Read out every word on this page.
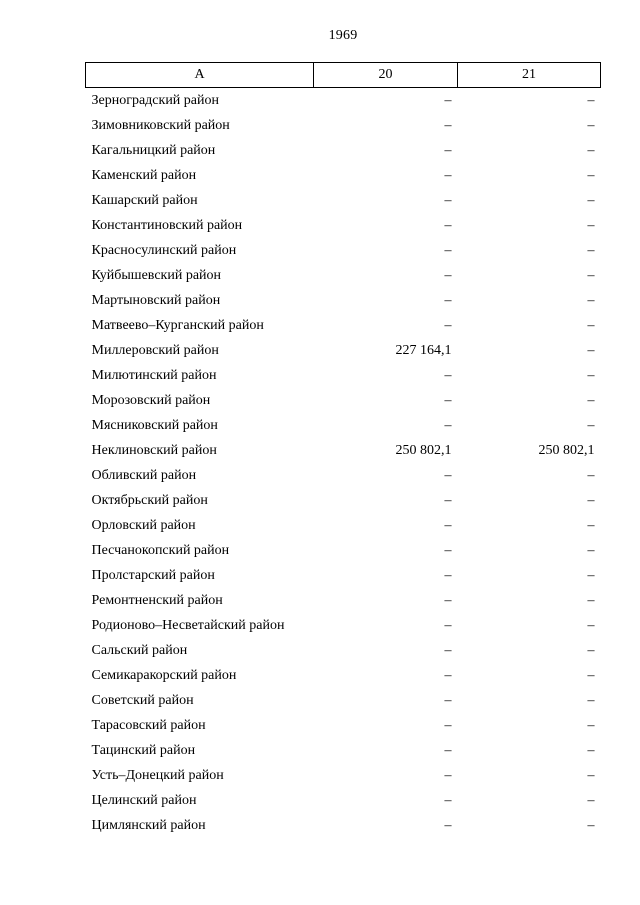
1969
А	20	21
Зерноградский район	–	–
Зимовниковский район	–	–
Кагальницкий район	–	–
Каменский район	–	–
Кашарский район	–	–
Константиновский район	–	–
Красносулинский район	–	–
Куйбышевский район	–	–
Мартыновский район	–	–
Матвеево–Курганский район	–	–
Миллеровский район	227 164,1	–
Милютинский район	–	–
Морозовский район	–	–
Мясниковский район	–	–
Неклиновский район	250 802,1	250 802,1
Обливский район	–	–
Октябрьский район	–	–
Орловский район	–	–
Песчанокопский район	–	–
Пролстарский район	–	–
Ремонтненский район	–	–
Родионово–Несветайский район	–	–
Сальский район	–	–
Семикаракорский район	–	–
Советский район	–	–
Тарасовский район	–	–
Тацинский район	–	–
Усть–Донецкий район	–	–
Целинский район	–	–
Цимлянский район	–	–
